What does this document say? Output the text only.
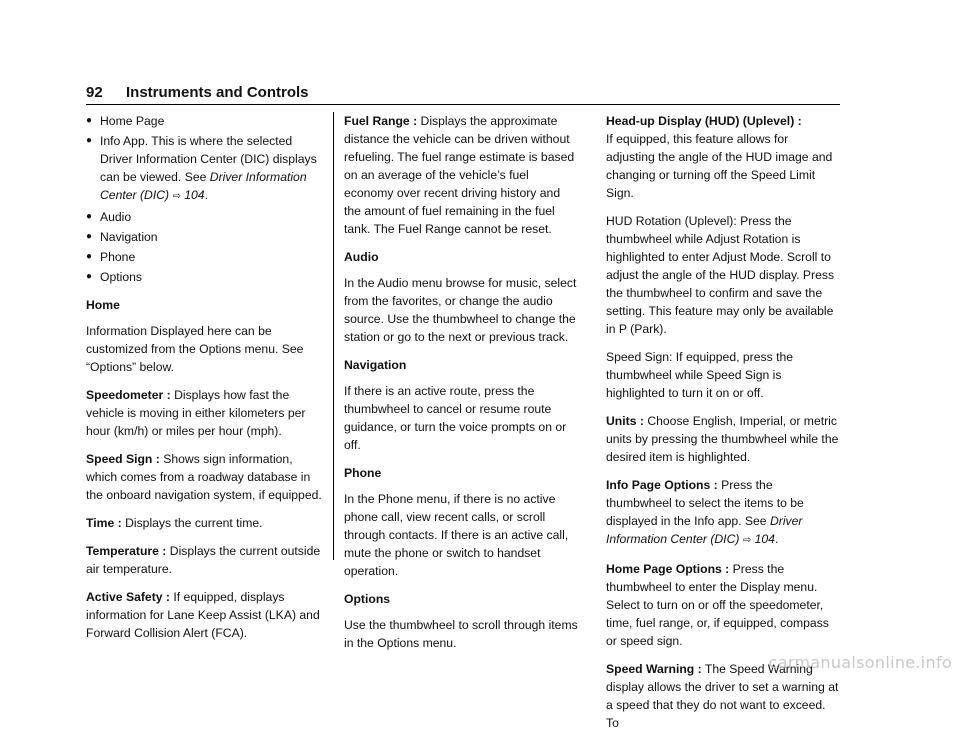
92 Instruments and Controls
● Home Page
● Info App. This is where the selected Driver Information Center (DIC) displays can be viewed. See Driver Information Center (DIC) ⇨ 104.
● Audio
● Navigation
● Phone
● Options

Home

Information Displayed here can be customized from the Options menu. See “Options” below.

Speedometer : Displays how fast the vehicle is moving in either kilometers per hour (km/h) or miles per hour (mph).

Speed Sign : Shows sign information, which comes from a roadway database in the onboard navigation system, if equipped.

Time : Displays the current time.

Temperature : Displays the current outside air temperature.

Active Safety : If equipped, displays information for Lane Keep Assist (LKA) and Forward Collision Alert (FCA).

Fuel Range : Displays the approximate distance the vehicle can be driven without refueling. The fuel range estimate is based on an average of the vehicle’s fuel economy over recent driving history and the amount of fuel remaining in the fuel tank. The Fuel Range cannot be reset.

Audio

In the Audio menu browse for music, select from the favorites, or change the audio source. Use the thumbwheel to change the station or go to the next or previous track.

Navigation

If there is an active route, press the thumbwheel to cancel or resume route guidance, or turn the voice prompts on or off.

Phone

In the Phone menu, if there is no active phone call, view recent calls, or scroll through contacts. If there is an active call, mute the phone or switch to handset operation.

Options

Use the thumbwheel to scroll through items in the Options menu.

Head-up Display (HUD) (Uplevel) :
If equipped, this feature allows for adjusting the angle of the HUD image and changing or turning off the Speed Limit Sign.

HUD Rotation (Uplevel): Press the thumbwheel while Adjust Rotation is highlighted to enter Adjust Mode. Scroll to adjust the angle of the HUD display. Press the thumbwheel to confirm and save the setting. This feature may only be available in P (Park).

Speed Sign: If equipped, press the thumbwheel while Speed Sign is highlighted to turn it on or off.

Units : Choose English, Imperial, or metric units by pressing the thumbwheel while the desired item is highlighted.

Info Page Options : Press the thumbwheel to select the items to be displayed in the Info app. See Driver Information Center (DIC) ⇨ 104.

Home Page Options : Press the thumbwheel to enter the Display menu. Select to turn on or off the speedometer, time, fuel range, or, if equipped, compass or speed sign.

Speed Warning : The Speed Warning display allows the driver to set a warning at a speed that they do not want to exceed. To

carmanualsonline.info
